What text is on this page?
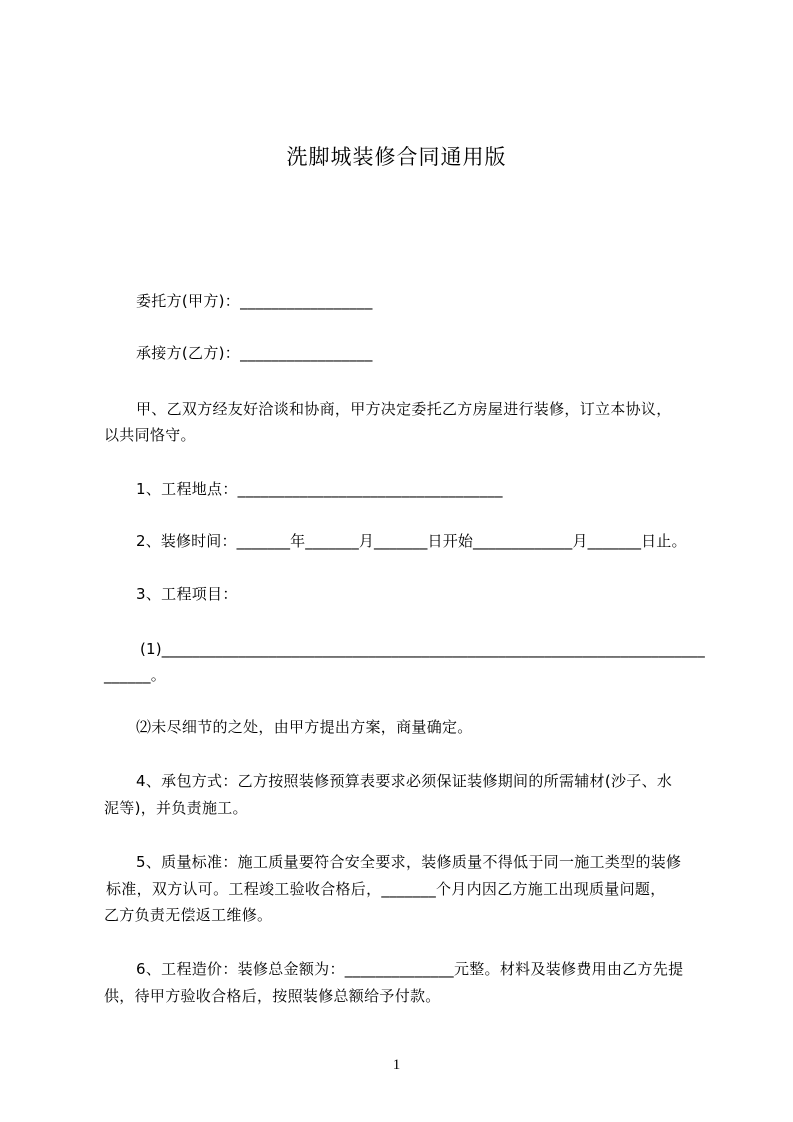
洗脚城装修合同通用版
委托方(甲方)：_________________
承接方(乙方)：_________________
甲、乙双方经友好洽谈和协商，甲方决定委托乙方房屋进行装修，订立本协议，
以共同恪守。
1、工程地点：__________________________________
2、装修时间：_______年_______月_______日开始_____________月_______日止。
3、工程项目：
(1)_______________________________________________________________________
______。
⑵未尽细节的之处，由甲方提出方案，商量确定。
4、承包方式：乙方按照装修预算表要求必须保证装修期间的所需辅材(沙子、水
泥等)，并负责施工。
5、质量标准：施工质量要符合安全要求，装修质量不得低于同一施工类型的装修
标准，双方认可。工程竣工验收合格后，_______个月内因乙方施工出现质量问题，
乙方负责无偿返工维修。
6、工程造价：装修总金额为：______________元整。材料及装修费用由乙方先提
供，待甲方验收合格后，按照装修总额给予付款。
1
